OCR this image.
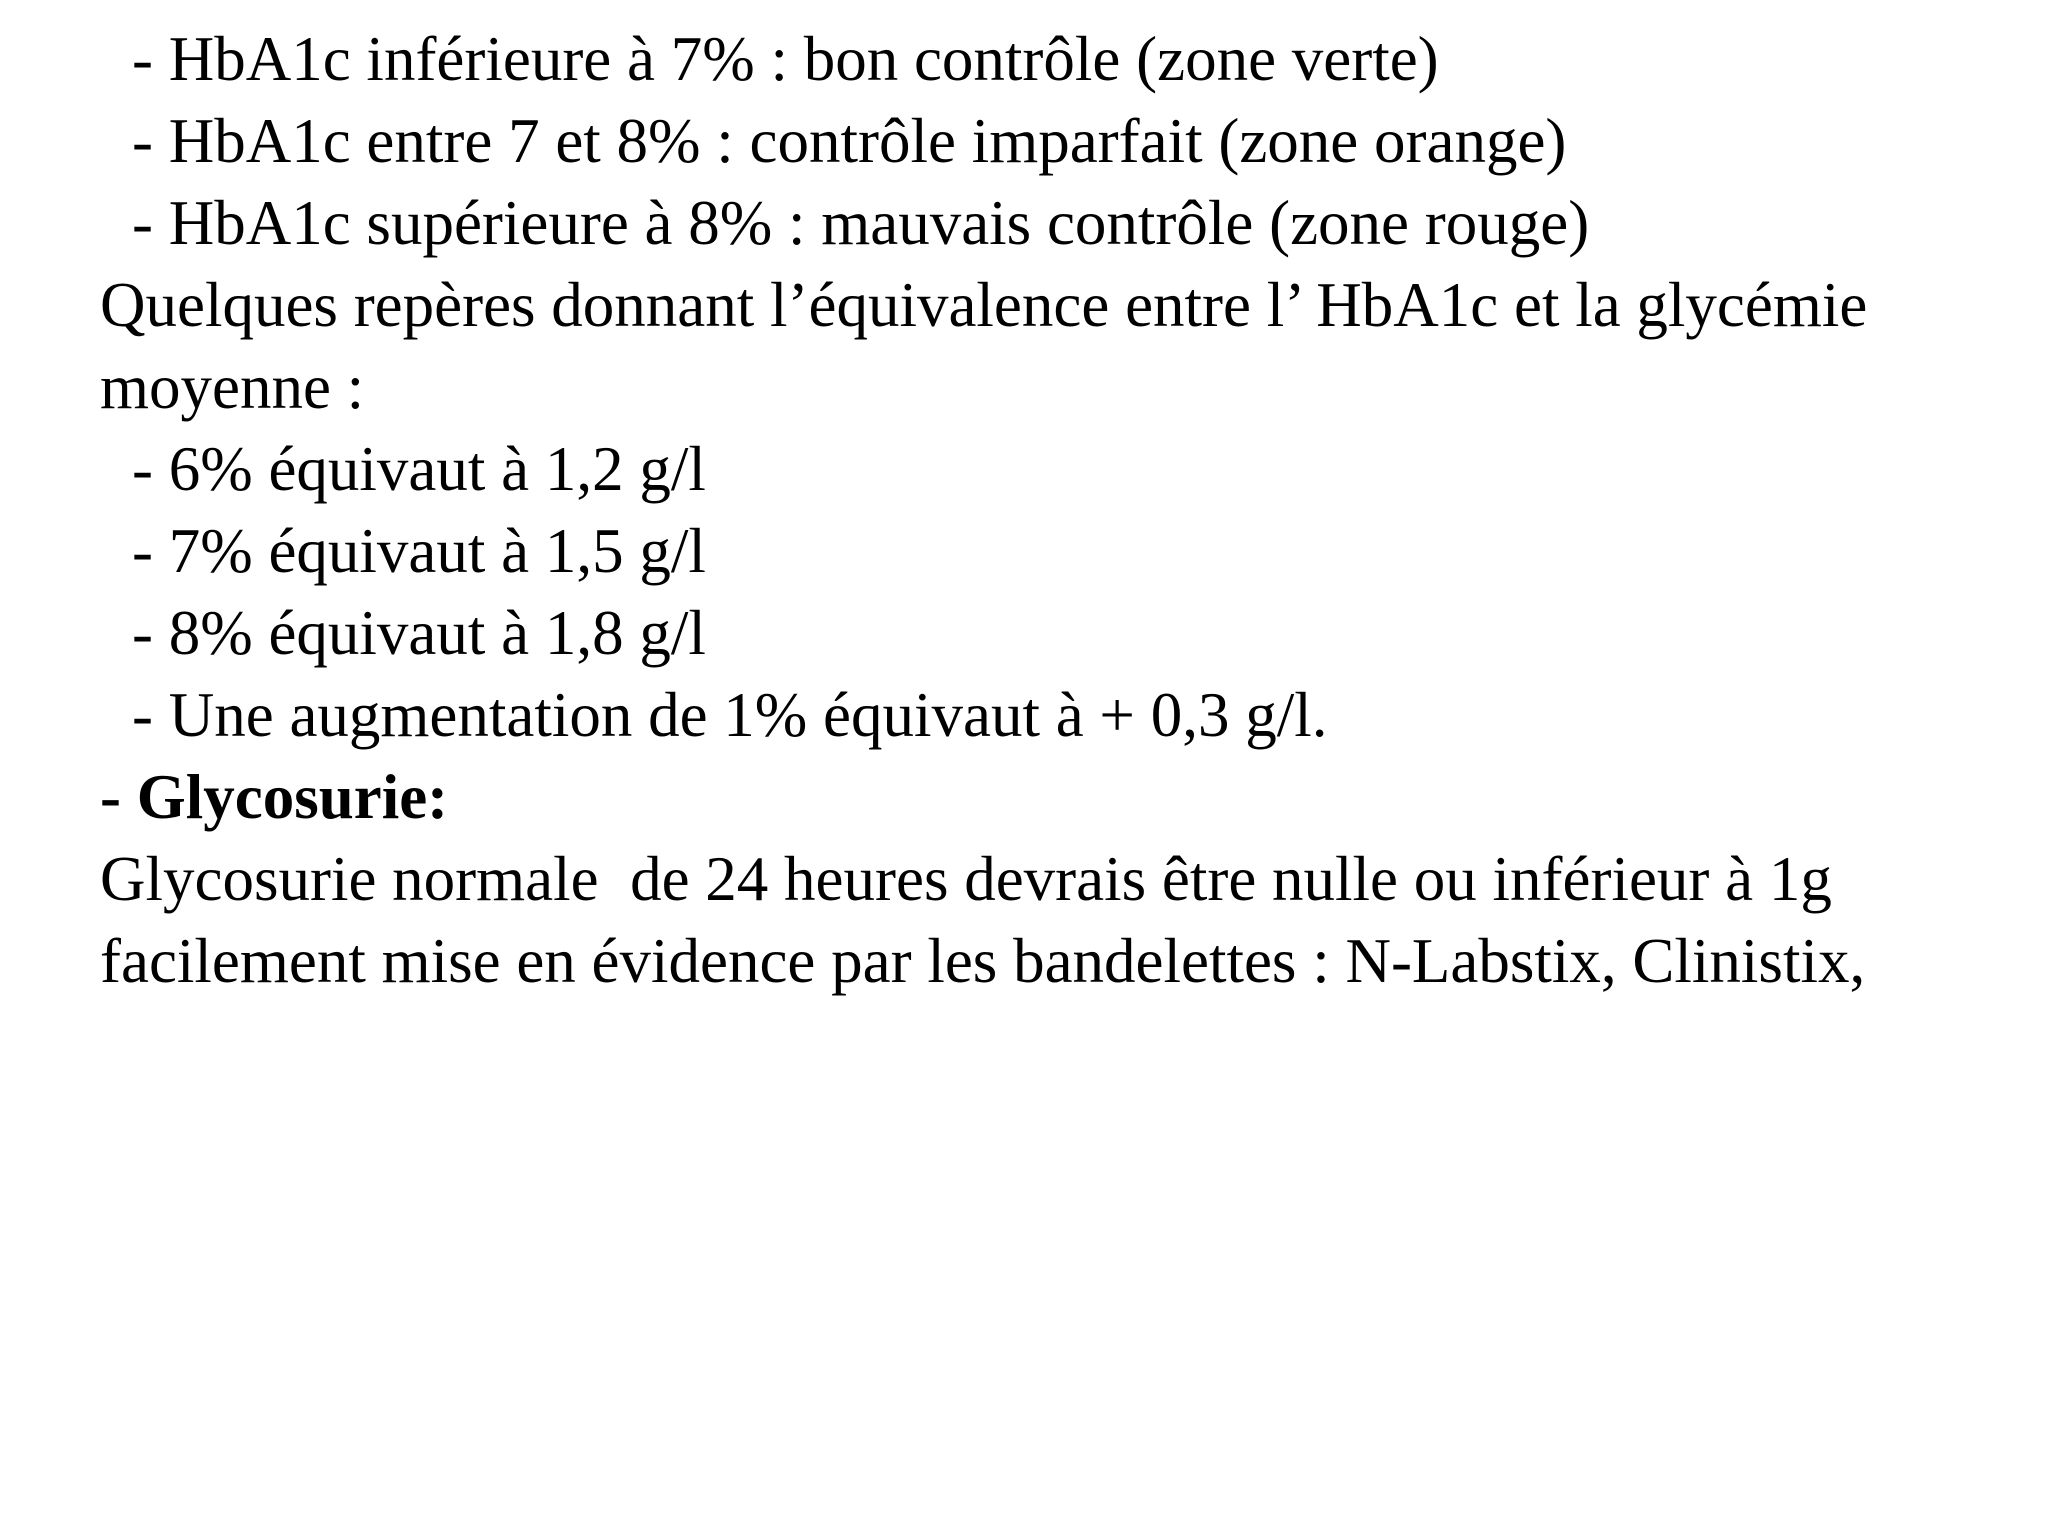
- HbA1c inférieure à 7% : bon contrôle (zone verte)
- HbA1c entre 7 et 8% : contrôle imparfait (zone orange)
- HbA1c supérieure à 8% : mauvais contrôle (zone rouge)
Quelques repères donnant l’équivalence entre l’ HbA1c et la glycémie
moyenne :
- 6% équivaut à 1,2 g/l
- 7% équivaut à 1,5 g/l
- 8% équivaut à 1,8 g/l
- Une augmentation de 1% équivaut à + 0,3 g/l.
- Glycosurie:
Glycosurie normale  de 24 heures devrais être nulle ou inférieur à 1g
facilement mise en évidence par les bandelettes : N-Labstix, Clinistix,
